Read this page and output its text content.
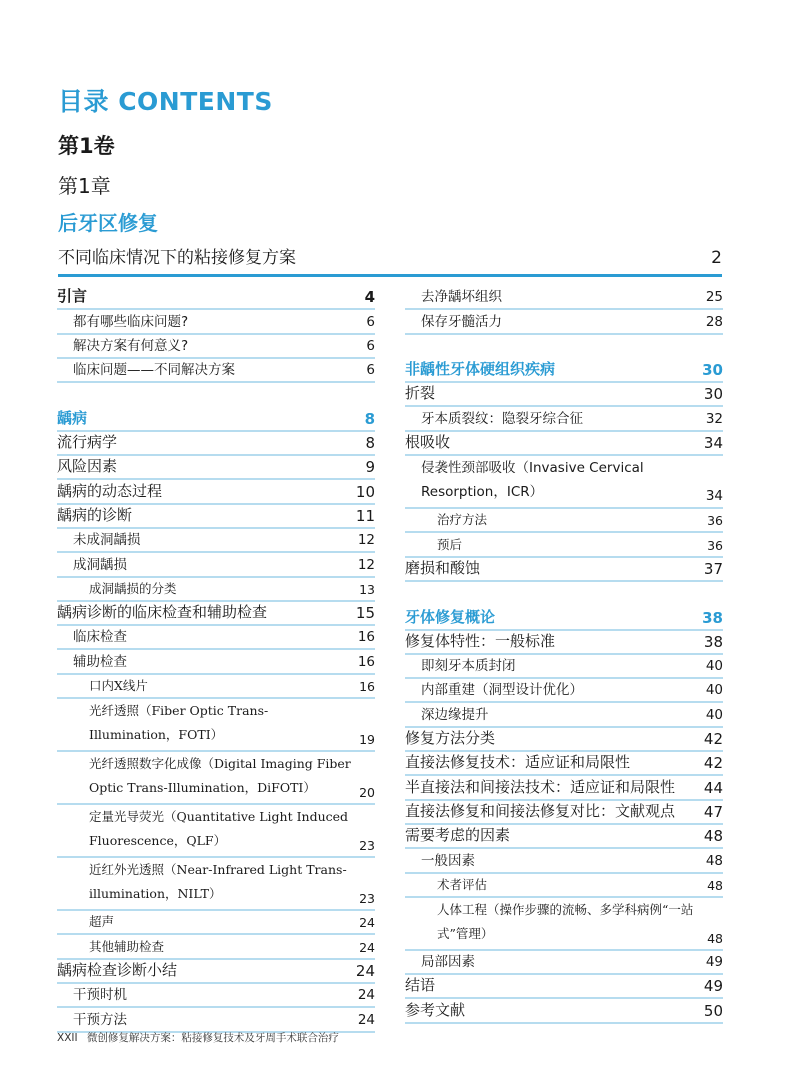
目录 CONTENTS
第1卷
第1章
后牙区修复
不同临床情况下的粘接修复方案	2
引言	4
都有哪些临床问题?	6
解决方案有何意义?	6
临床问题——不同解决方案	6
龋病	8
流行病学	8
风险因素	9
龋病的动态过程	10
龋病的诊断	11
未成洞龋损	12
成洞龋损	12
成洞龋损的分类	13
龋病诊断的临床检查和辅助检查	15
临床检查	16
辅助检查	16
口内X线片	16
光纤透照（Fiber Optic Trans-Illumination，FOTI）	19
光纤透照数字化成像（Digital Imaging Fiber Optic Trans-Illumination，DiFOTI）	20
定量光导荧光（Quantitative Light Induced Fluorescence，QLF）	23
近红外光透照（Near-Infrared Light Trans-illumination，NILT）	23
超声	24
其他辅助检查	24
龋病检查诊断小结	24
干预时机	24
干预方法	24
去净龋坏组织	25
保存牙髓活力	28
非龋性牙体硬组织疾病	30
折裂	30
牙本质裂纹：隐裂牙综合征	32
根吸收	34
侵袭性颈部吸收（Invasive Cervical Resorption，ICR）	34
治疗方法	36
预后	36
磨损和酸蚀	37
牙体修复概论	38
修复体特性：一般标准	38
即刻牙本质封闭	40
内部重建（洞型设计优化）	40
深边缘提升	40
修复方法分类	42
直接法修复技术：适应证和局限性	42
半直接法和间接法技术：适应证和局限性	44
直接法修复和间接法修复对比：文献观点	47
需要考虑的因素	48
一般因素	48
术者评估	48
人体工程（操作步骤的流畅、多学科病例“一站式”管理）	48
局部因素	49
结语	49
参考文献	50
XXII 微创修复解决方案：粘接修复技术及牙周手术联合治疗
